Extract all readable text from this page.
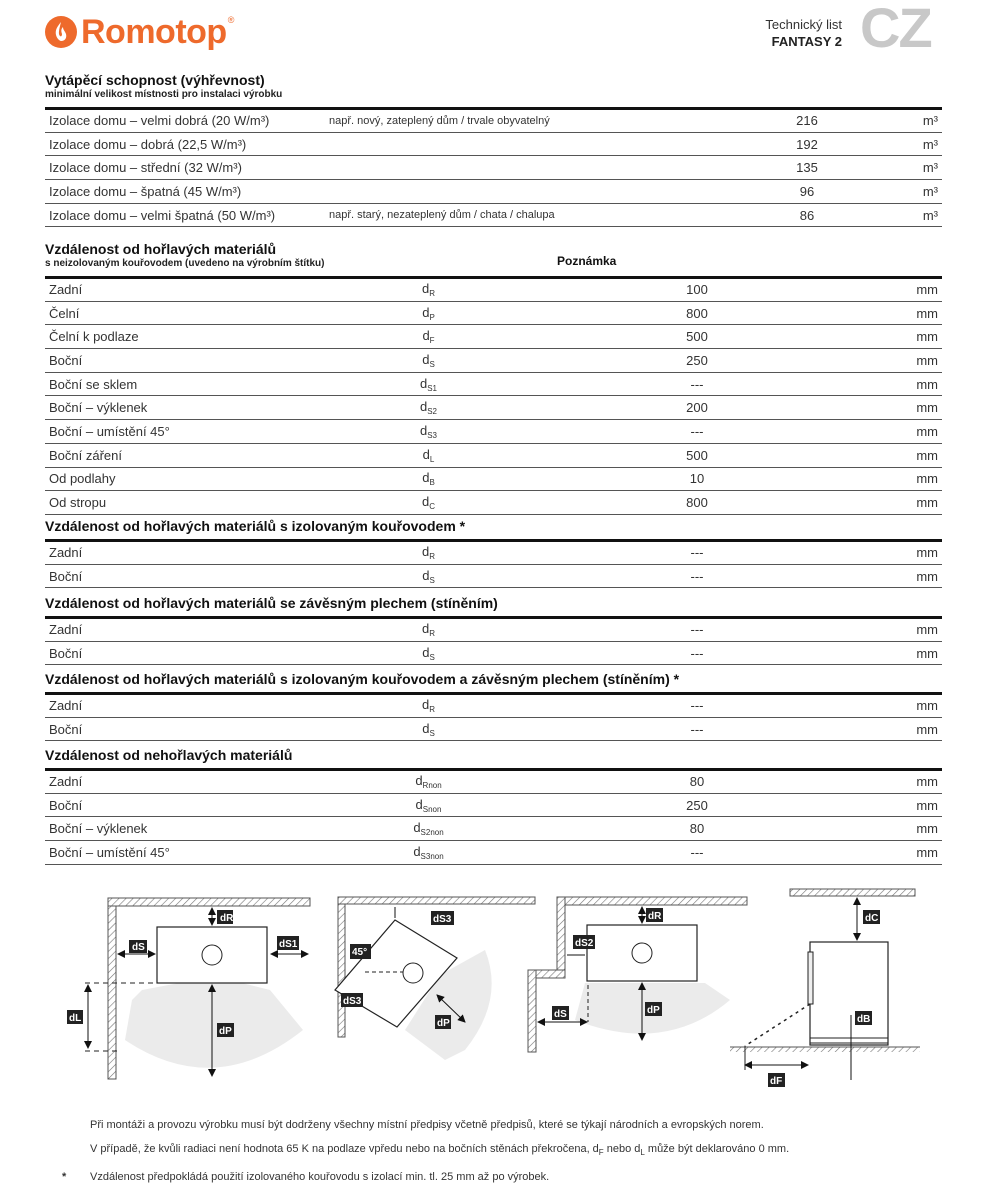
Romotop ®	Technický list
FANTASY 2 CZ
Vytápěcí schopnost (výhřevnost)
minimální velikost místnosti pro instalaci výrobku
Izolace domu – velmi dobrá (20 W/m³)	např. nový, zateplený dům / trvale obyvatelný	216	m³
Izolace domu – dobrá (22,5 W/m³)		192	m³
Izolace domu – střední (32 W/m³)		135	m³
Izolace domu – špatná (45 W/m³)		96	m³
Izolace domu – velmi špatná (50 W/m³)	např. starý, nezateplený dům / chata / chalupa	86	m³
Vzdálenost od hořlavých materiálů
s neizolovaným kouřovodem (uvedeno na výrobním štítku)	Poznámka
Zadní	$d_R$	100	mm
Čelní	$d_P$	800	mm
Čelní k podlaze	$d_F$	500	mm
Boční	$d_S$	250	mm
Boční se sklem	$d_{S1}$	---	mm
Boční – výklenek	$d_{S2}$	200	mm
Boční – umístění 45°	$d_{S3}$	---	mm
Boční záření	$d_L$	500	mm
Od podlahy	$d_B$	10	mm
Od stropu	$d_C$	800	mm
Vzdálenost od hořlavých materiálů s izolovaným kouřovodem *
Zadní	$d_R$	---	mm
Boční	$d_S$	---	mm
Vzdálenost od hořlavých materiálů se závěsným plechem (stíněním)
Zadní	$d_R$	---	mm
Boční	$d_S$	---	mm
Vzdálenost od hořlavých materiálů s izolovaným kouřovodem a závěsným plechem (stíněním) *
Zadní	$d_R$	---	mm
Boční	$d_S$	---	mm
Vzdálenost od nehořlavých materiálů
Zadní	$d_{Rnon}$	80	mm
Boční	$d_{Snon}$	250	mm
Boční – výklenek	$d_{S2non}$	80	mm
Boční – umístění 45°	$d_{S3non}$	---	mm
dR
dS	dS1
dL
dP
dS3
45°
dS3
dP
dR
dS2
dS	dP
dC
dB
dF

Při montáži a provozu výrobku musí být dodrženy všechny místní předpisy včetně předpisů, které se týkají národních a evropských norem.

V případě, že kvůli radiaci není hodnota 65 K na podlaze vpředu nebo na bočních stěnách překročena, $d_F$ nebo $d_L$ může být deklarováno 0 mm.

* Vzdálenost předpokládá použití izolovaného kouřovodu s izolací min. tl. 25 mm až po výrobek.
